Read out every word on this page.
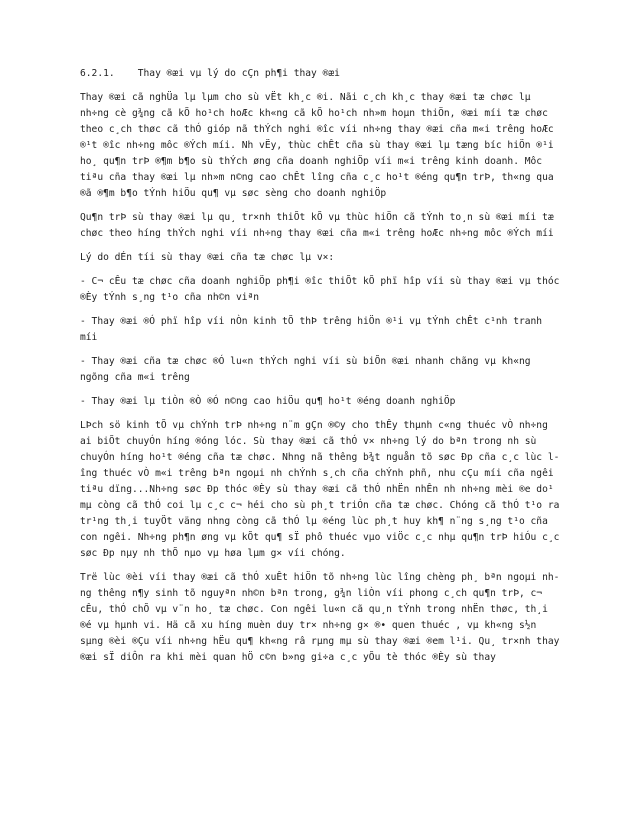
6.2.1.    Thay ®æi vµ lý do cÇn ph¶i thay ®æi

Thay ®æi cã nghÜa lµ lµm cho sù vËt kh¸c ®i. Nãi c¸ch kh¸c thay ®æi tæ chøc lµ nh÷ng cè g¾ng cã kÕ ho¹ch hoÆc kh«ng cã kÕ ho¹ch nh»m hoµn thiÖn, ®æi míi tæ chøc theo c¸ch thøc cã thÓ gióp nã thÝch nghi ®îc víi nh÷ng thay ®æi cña m«i trêng hoÆc ®¹t ®îc nh÷ng môc ®Ých míi. Nh vËy, thùc chÊt cña sù thay ®æi lµ tæng bíc hiÖn ®¹i ho¸ qu¶n trÞ ®¶m b¶o sù thÝch øng cña doanh nghiÖp víi m«i trêng kinh doanh. Môc tiªu cña thay ®æi lµ nh»m n©ng cao chÊt lîng cña c¸c ho¹t ®éng qu¶n trÞ, th«ng qua ®ã ®¶m b¶o tÝnh hiÖu qu¶ vµ søc sèng cho doanh nghiÖp

Qu¶n trÞ sù thay ®æi lµ qu¸ tr×nh thiÕt kÕ vµ thùc hiÖn cã tÝnh to¸n sù ®æi míi tæ chøc theo híng thÝch nghi víi nh÷ng thay ®æi cña m«i trêng hoÆc nh÷ng môc ®Ých míi

Lý do dÉn tíi sù thay ®æi cña tæ chøc lµ v×:

- C¬ cÊu tæ chøc cña doanh nghiÖp ph¶i ®îc thiÕt kÕ phï hîp víi sù thay ®æi vµ thóc ®Èy tÝnh s¸ng t¹o cña nh©n viªn

- Thay ®æi ®Ó phï hîp víi nÒn kinh tÕ thÞ trêng hiÖn ®¹i vµ tÝnh chÊt c¹nh tranh míi

- Thay ®æi cña tæ chøc ®Ó lu«n thÝch nghi víi sù biÕn ®æi nhanh chãng vµ kh«ng ngõng cña m«i trêng

- Thay ®æi lµ tiÒn ®Ò ®Ó n©ng cao hiÖu qu¶ ho¹t ®éng doanh nghiÖp

LÞch sö kinh tÕ vµ chÝnh trÞ nh÷ng n¨m gÇn ®©y cho thÊy thµnh c«ng thuéc vÒ nh÷ng ai biÕt chuyÓn híng ®óng lóc. Sù thay ®æi cã thÓ v× nh÷ng lý do bªn trong nh sù chuyÓn híng ho¹t ®éng cña tæ chøc. Nhng nã thêng b¾t nguån tõ søc Ðp cña c¸c lùc lîng thuéc vÒ m«i trêng bªn ngoµi nh chÝnh s¸ch cña chÝnh phñ, nhu cÇu míi cña ngêi tiªu dïng...Nh÷ng søc Ðp thóc ®Èy sù thay ®æi cã thÓ nhËn nhÊn nh nh÷ng mèi ®e do¹ mµ còng cã thÓ coi lµ c¸c c¬ héi cho sù ph¸t triÓn cña tæ chøc. Chóng cã thÓ t¹o ra tr¹ng th¸i tuyÖt väng nhng còng cã thÓ lµ ®éng lùc ph¸t huy kh¶ n¨ng s¸ng t¹o cña con ngêi. Nh÷ng ph¶n øng vµ kÕt qu¶ sÏ phô thuéc vµo viÖc c¸c nhµ qu¶n trÞ hiÓu c¸c søc Ðp nµy nh thÕ nµo vµ høa lµm g× víi chóng.

Trë lùc ®èi víi thay ®æi cã thÓ xuÊt hiÖn tõ nh÷ng lùc lîng chèng ph¸ bªn ngoµi nhng thêng n¶y sinh tõ nguyªn nh©n bªn trong, g¾n liÒn víi phong c¸ch qu¶n trÞ, c¬ cÊu, thÓ chÕ vµ v¨n ho¸ tæ chøc. Con ngêi lu«n cã qu¸n tÝnh trong nhËn thøc, th¸i ®é vµ hµnh vi. Hä cã xu híng muèn duy tr× nh÷ng g× ®• quen thuéc , vµ kh«ng s½n sµng ®èi ®Çu víi nh÷ng hËu qu¶ kh«ng râ rµng mµ sù thay ®æi ®em l¹i. Qu¸ tr×nh thay ®æi sÏ diÔn ra khi mèi quan hÖ c©n b»ng gi÷a c¸c yÕu tè thóc ®Èy sù thay
